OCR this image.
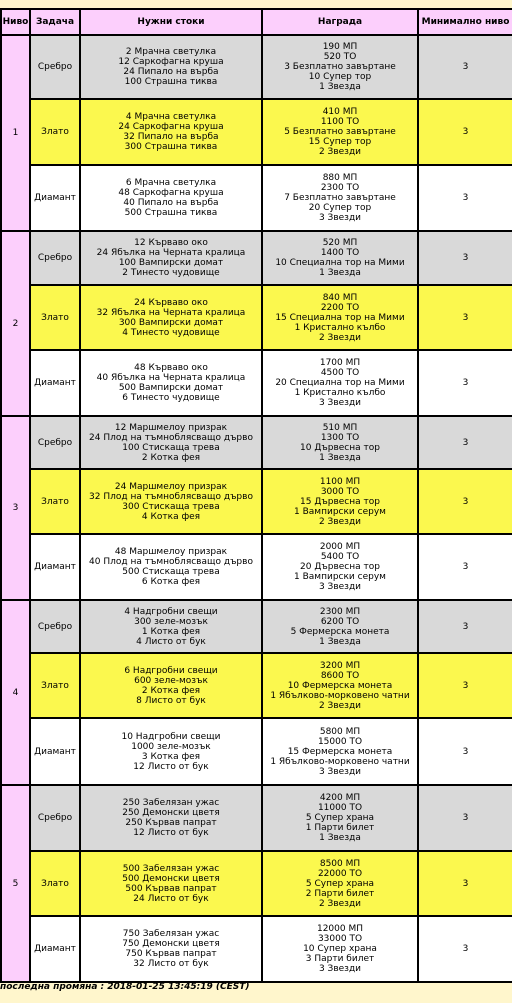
Ниво	Задача	Нужни стоки	Награда	Минимално ниво
1	Сребро	2 Мрачна светулка
12 Саркофагна круша
24 Пипало на върба
100 Страшна тиква	190 МП
520 ТО
3 Безплатно завъртане
10 Супер тор
1 Звезда	3
	Злато	4 Мрачна светулка
24 Саркофагна круша
32 Пипало на върба
300 Страшна тиква	410 МП
1100 ТО
5 Безплатно завъртане
15 Супер тор
2 Звезди	3
	Диамант	6 Мрачна светулка
48 Саркофагна круша
40 Пипало на върба
500 Страшна тиква	880 МП
2300 ТО
7 Безплатно завъртане
20 Супер тор
3 Звезди	3
2	Сребро	12 Кърваво око
24 Ябълка на Черната кралица
100 Вампирски домат
2 Тинесто чудовище	520 МП
1400 ТО
10 Специална тор на Мими
1 Звезда	3
	Злато	24 Кърваво око
32 Ябълка на Черната кралица
300 Вампирски домат
4 Тинесто чудовище	840 МП
2200 ТО
15 Специална тор на Мими
1 Кристално кълбо
2 Звезди	3
	Диамант	48 Кърваво око
40 Ябълка на Черната кралица
500 Вампирски домат
6 Тинесто чудовище	1700 МП
4500 ТО
20 Специална тор на Мими
1 Кристално кълбо
3 Звезди	3
3	Сребро	12 Маршмелоу призрак
24 Плод на тъмноблясващо дърво
100 Стискаща трева
2 Котка фея	510 МП
1300 ТО
10 Дървесна тор
1 Звезда	3
	Злато	24 Маршмелоу призрак
32 Плод на тъмноблясващо дърво
300 Стискаща трева
4 Котка фея	1100 МП
3000 ТО
15 Дървесна тор
1 Вампирски серум
2 Звезди	3
	Диамант	48 Маршмелоу призрак
40 Плод на тъмноблясващо дърво
500 Стискаща трева
6 Котка фея	2000 МП
5400 ТО
20 Дървесна тор
1 Вампирски серум
3 Звезди	3
4	Сребро	4 Надгробни свещи
300 зеле-мозък
1 Котка фея
4 Листо от бук	2300 МП
6200 ТО
5 Фермерска монета
1 Звезда	3
	Злато	6 Надгробни свещи
600 зеле-мозък
2 Котка фея
8 Листо от бук	3200 МП
8600 ТО
10 Фермерска монета
1 Ябълково-морковено чатни
2 Звезди	3
	Диамант	10 Надгробни свещи
1000 зеле-мозък
3 Котка фея
12 Листо от бук	5800 МП
15000 ТО
15 Фермерска монета
1 Ябълково-морковено чатни
3 Звезди	3
5	Сребро	250 Забелязан ужас
250 Демонски цветя
250 Кървав папрат
12 Листо от бук	4200 МП
11000 ТО
5 Супер храна
1 Парти билет
1 Звезда	3
	Злато	500 Забелязан ужас
500 Демонски цветя
500 Кървав папрат
24 Листо от бук	8500 МП
22000 ТО
5 Супер храна
2 Парти билет
2 Звезди	3
	Диамант	750 Забелязан ужас
750 Демонски цветя
750 Кървав папрат
32 Листо от бук	12000 МП
33000 ТО
10 Супер храна
3 Парти билет
3 Звезди	3
последна промяна : 2018-01-25 13:45:19 (CEST)
